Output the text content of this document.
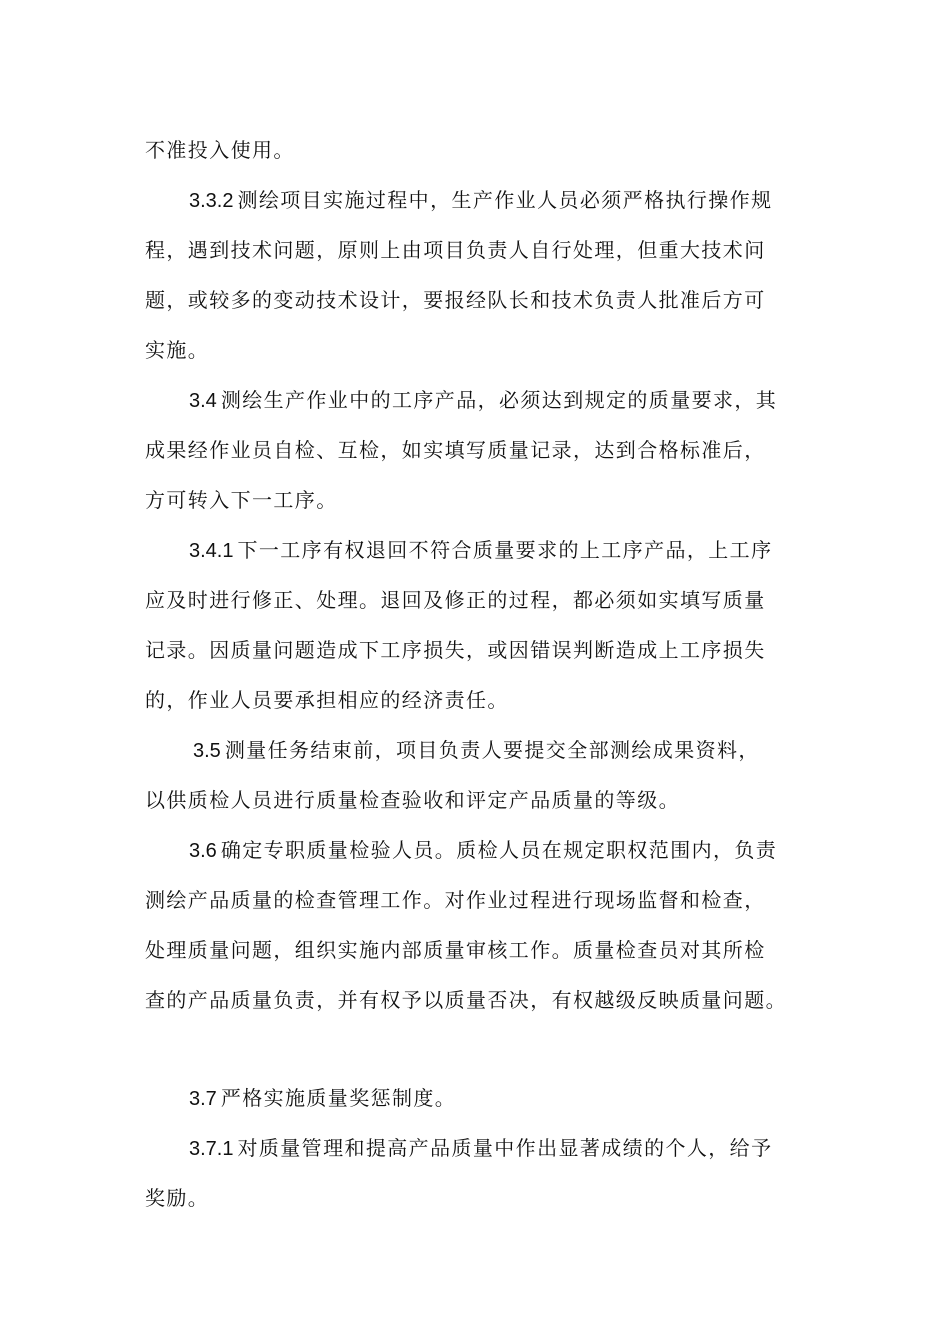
不准投入使用。
3.3.2 测绘项目实施过程中，生产作业人员必须严格执行操作规
程，遇到技术问题，原则上由项目负责人自行处理，但重大技术问
题，或较多的变动技术设计，要报经队长和技术负责人批准后方可
实施。
3.4 测绘生产作业中的工序产品，必须达到规定的质量要求，其
成果经作业员自检、互检，如实填写质量记录，达到合格标准后，
方可转入下一工序。
3.4.1 下一工序有权退回不符合质量要求的上工序产品，上工序
应及时进行修正、处理。退回及修正的过程，都必须如实填写质量
记录。因质量问题造成下工序损失，或因错误判断造成上工序损失
的，作业人员要承担相应的经济责任。
3.5 测量任务结束前，项目负责人要提交全部测绘成果资料，
以供质检人员进行质量检查验收和评定产品质量的等级。
3.6 确定专职质量检验人员。质检人员在规定职权范围内，负责
测绘产品质量的检查管理工作。对作业过程进行现场监督和检查，
处理质量问题，组织实施内部质量审核工作。质量检查员对其所检
查的产品质量负责，并有权予以质量否决，有权越级反映质量问题。
3.7 严格实施质量奖惩制度。
3.7.1 对质量管理和提高产品质量中作出显著成绩的个人，给予
奖励。
